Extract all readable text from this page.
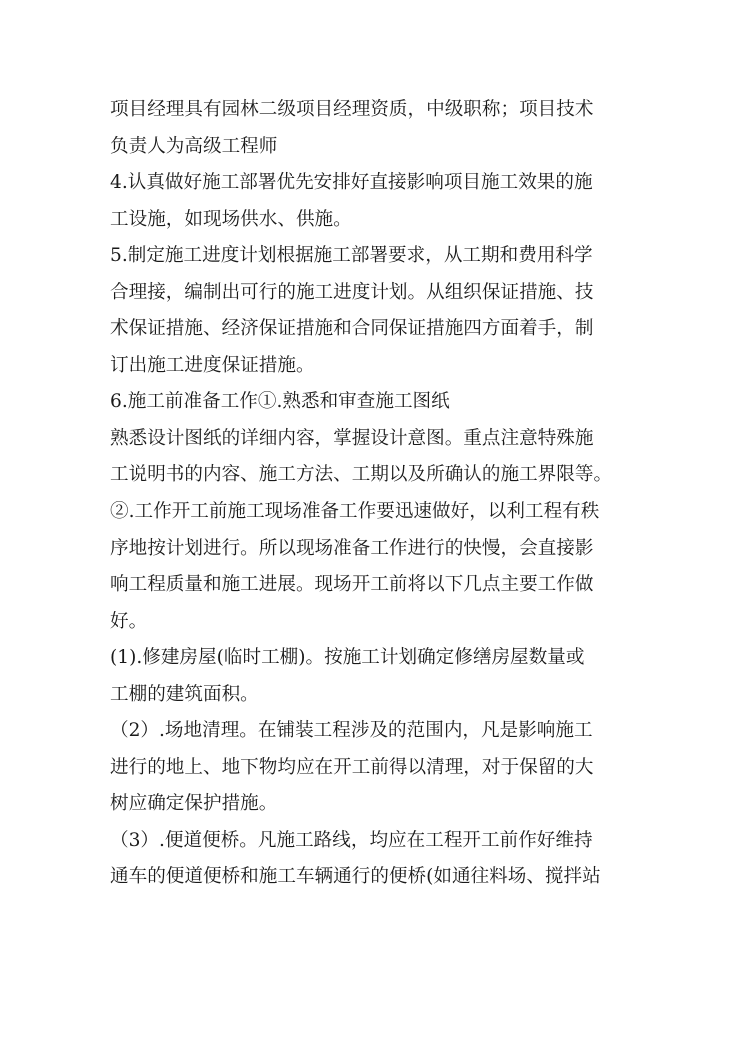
项目经理具有园林二级项目经理资质，中级职称；项目技术
负责人为高级工程师
4.认真做好施工部署优先安排好直接影响项目施工效果的施
工设施，如现场供水、供施。
5.制定施工进度计划根据施工部署要求，从工期和费用科学
合理接，编制出可行的施工进度计划。从组织保证措施、技
术保证措施、经济保证措施和合同保证措施四方面着手，制
订出施工进度保证措施。
6.施工前准备工作①.熟悉和审查施工图纸
熟悉设计图纸的详细内容，掌握设计意图。重点注意特殊施
工说明书的内容、施工方法、工期以及所确认的施工界限等。
②.工作开工前施工现场准备工作要迅速做好，以利工程有秩
序地按计划进行。所以现场准备工作进行的快慢，会直接影
响工程质量和施工进展。现场开工前将以下几点主要工作做
好。
(1).修建房屋(临时工棚)。按施工计划确定修缮房屋数量或
工棚的建筑面积。
（2）.场地清理。在铺装工程涉及的范围内，凡是影响施工
进行的地上、地下物均应在开工前得以清理，对于保留的大
树应确定保护措施。
（3）.便道便桥。凡施工路线，均应在工程开工前作好维持
通车的便道便桥和施工车辆通行的便桥(如通往料场、搅拌站
